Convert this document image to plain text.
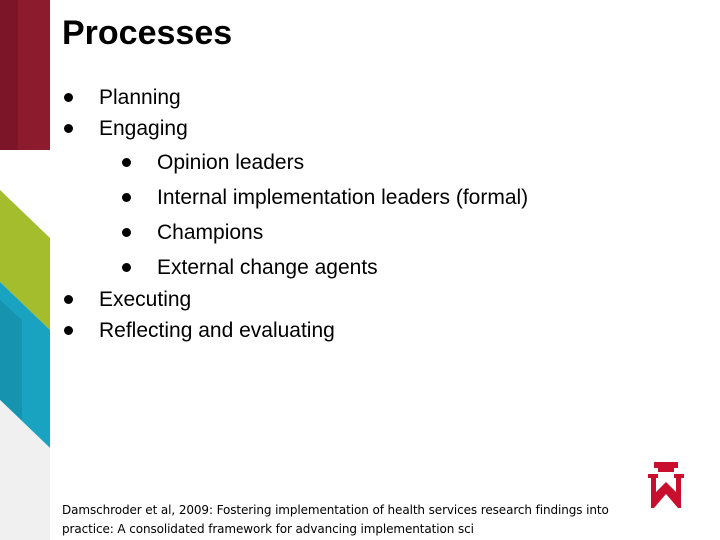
Processes
Planning
Engaging
Opinion leaders
Internal implementation leaders (formal)
Champions
External change agents
Executing
Reflecting and evaluating
Damschroder et al, 2009: Fostering implementation of health services research findings into
practice: A consolidated framework for advancing implementation sci
